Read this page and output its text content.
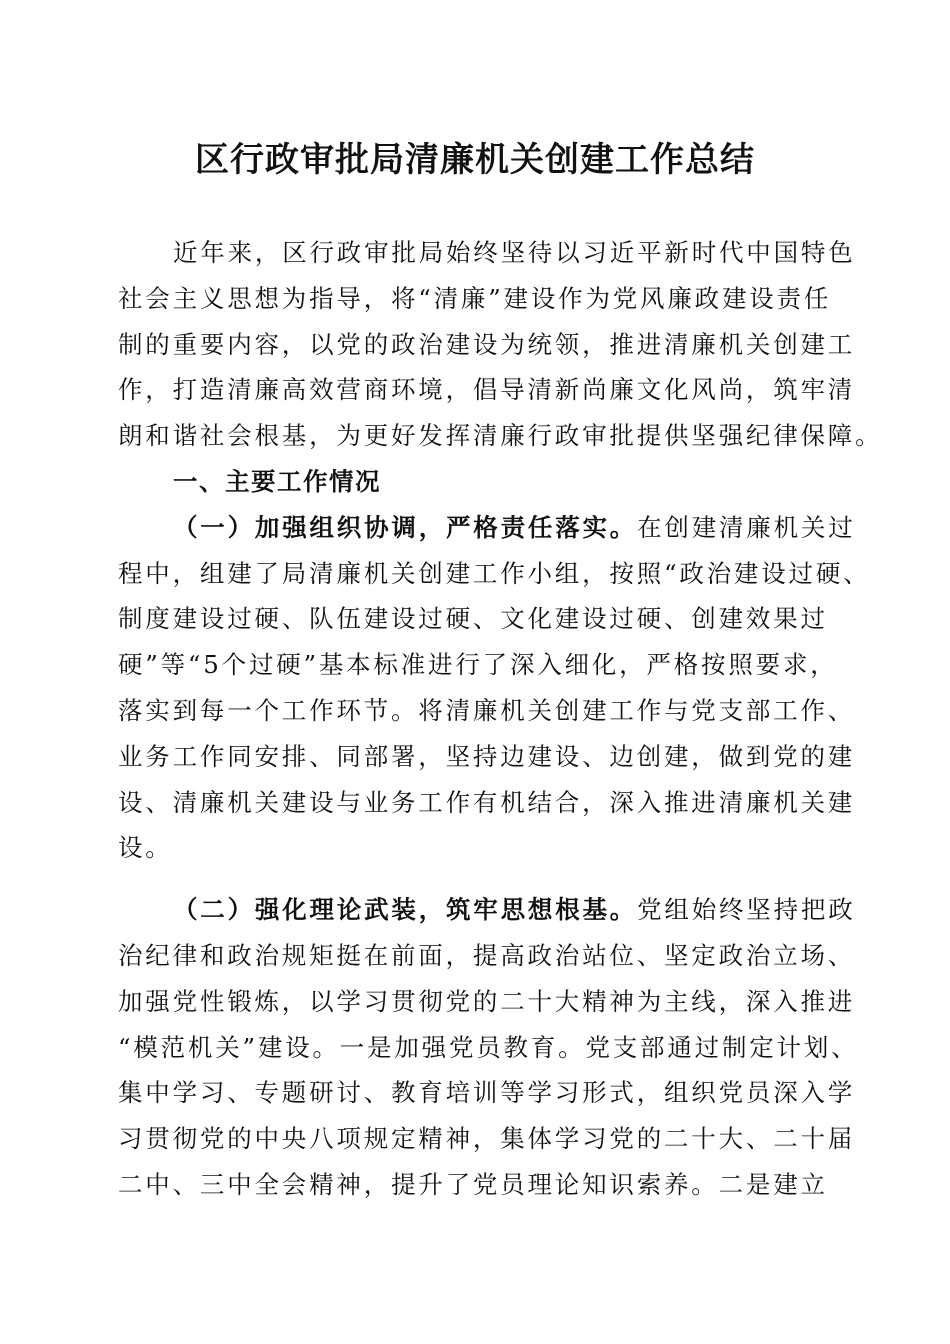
区行政审批局清廉机关创建工作总结
近年来，区行政审批局始终坚待以习近平新时代中国特色
社会主义思想为指导，将“清廉”建设作为党风廉政建设责任
制的重要内容，以党的政治建设为统领，推进清廉机关创建工
作，打造清廉高效营商环境，倡导清新尚廉文化风尚，筑牢清
朗和谐社会根基，为更好发挥清廉行政审批提供坚强纪律保障。
一、主要工作情况
（一）加强组织协调，严格责任落实。在创建清廉机关过
程中，组建了局清廉机关创建工作小组，按照“政治建设过硬、
制度建设过硬、队伍建设过硬、文化建设过硬、创建效果过
硬”等“5个过硬”基本标准进行了深入细化，严格按照要求，
落实到每一个工作环节。将清廉机关创建工作与党支部工作、
业务工作同安排、同部署，坚持边建设、边创建，做到党的建
设、清廉机关建设与业务工作有机结合，深入推进清廉机关建
设。
（二）强化理论武装，筑牢思想根基。党组始终坚持把政
治纪律和政治规矩挺在前面，提高政治站位、坚定政治立场、
加强党性锻炼，以学习贯彻党的二十大精神为主线，深入推进
“模范机关”建设。一是加强党员教育。党支部通过制定计划、
集中学习、专题研讨、教育培训等学习形式，组织党员深入学
习贯彻党的中央八项规定精神，集体学习党的二十大、二十届
二中、三中全会精神，提升了党员理论知识索养。二是建立
